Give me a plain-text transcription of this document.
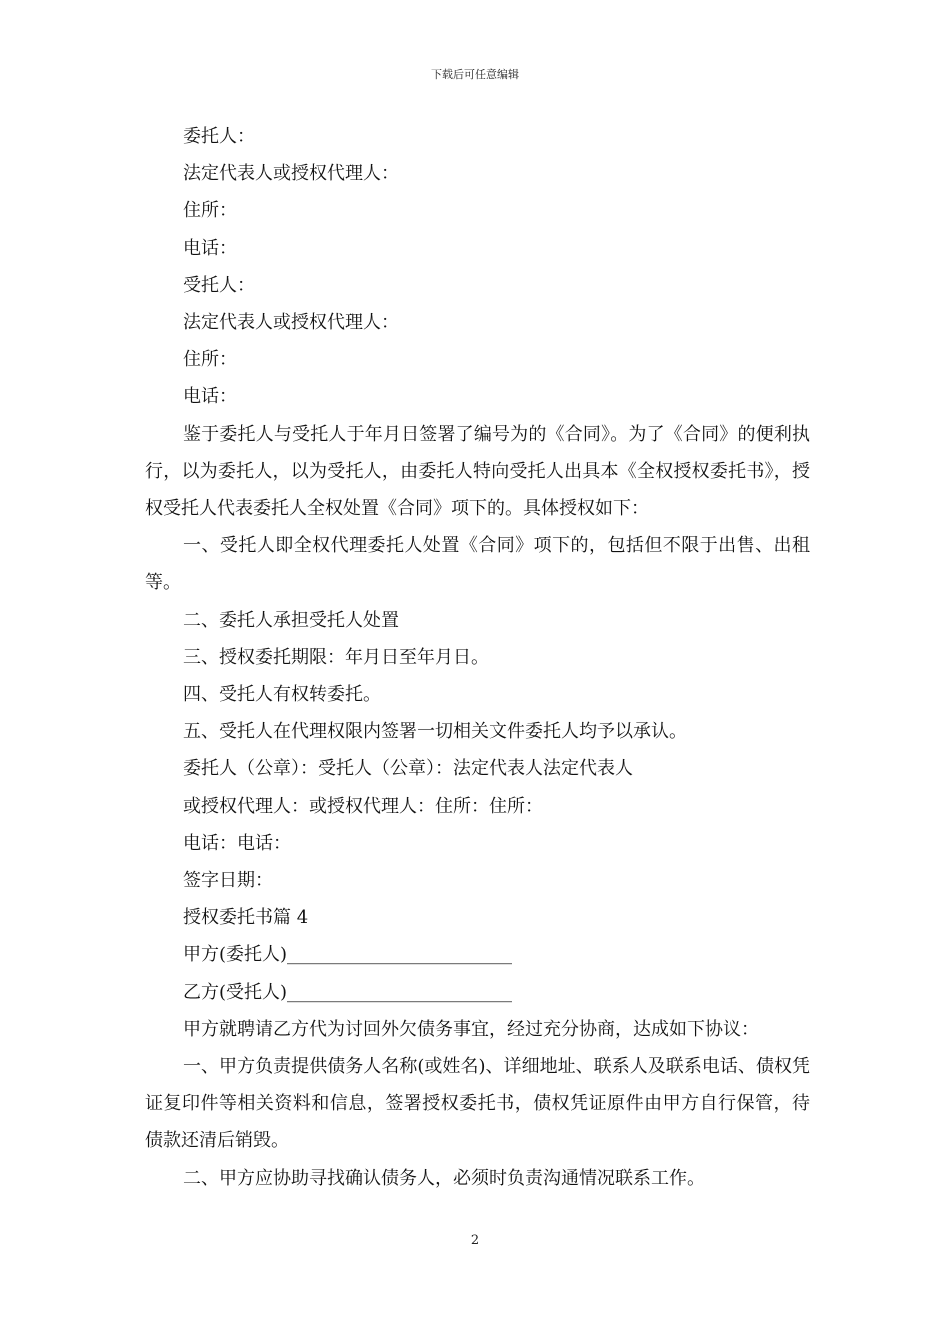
下载后可任意编辑

委托人：

法定代表人或授权代理人：

住所：

电话：

受托人：

法定代表人或授权代理人：

住所：

电话：

鉴于委托人与受托人于年月日签署了编号为的《合同》。为了《合同》的便利执行，以为委托人，以为受托人，由委托人特向受托人出具本《全权授权委托书》，授权受托人代表委托人全权处置《合同》项下的。具体授权如下：

一、受托人即全权代理委托人处置《合同》项下的，包括但不限于出售、出租等。

二、委托人承担受托人处置

三、授权委托期限：年月日至年月日。

四、受托人有权转委托。

五、受托人在代理权限内签署一切相关文件委托人均予以承认。

委托人（公章）：受托人（公章）：法定代表人法定代表人

或授权代理人：或授权代理人：住所：住所：

电话：电话：

签字日期：

授权委托书篇 4

甲方(委托人)_________________________

乙方(受托人)_________________________

甲方就聘请乙方代为讨回外欠债务事宜，经过充分协商，达成如下协议：

一、甲方负责提供债务人名称(或姓名)、详细地址、联系人及联系电话、债权凭证复印件等相关资料和信息，签署授权委托书，债权凭证原件由甲方自行保管，待债款还清后销毁。

二、甲方应协助寻找确认债务人，必须时负责沟通情况联系工作。

2
